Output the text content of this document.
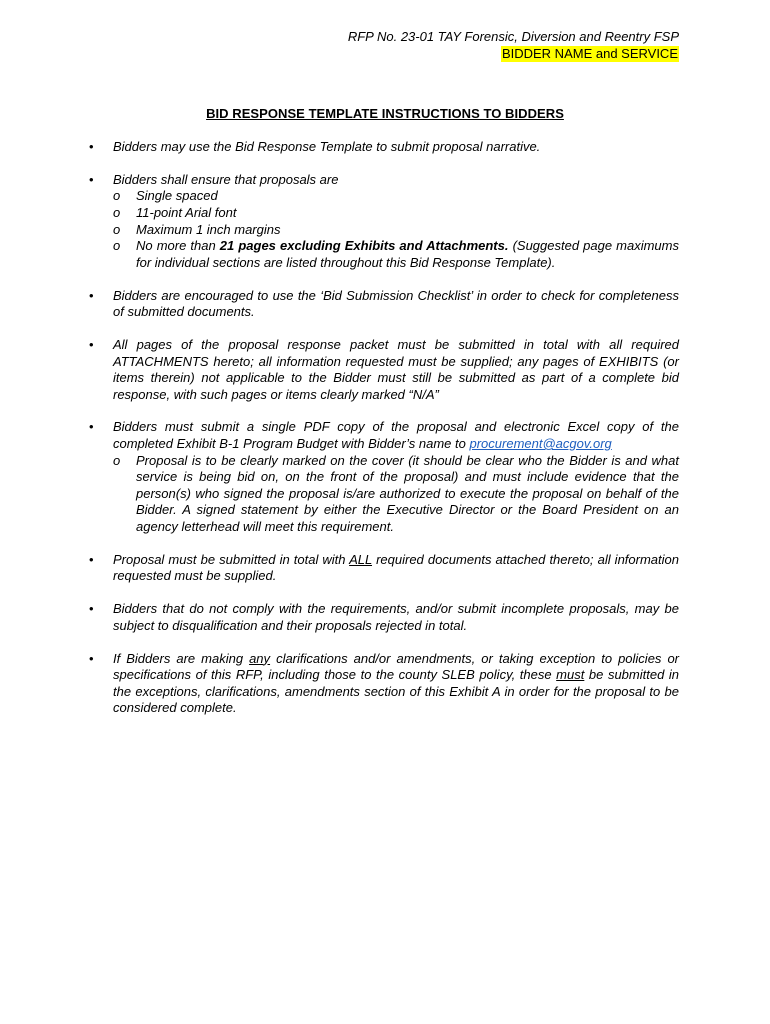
RFP No. 23-01 TAY Forensic, Diversion and Reentry FSP
BIDDER NAME and SERVICE
BID RESPONSE TEMPLATE INSTRUCTIONS TO BIDDERS
• Bidders may use the Bid Response Template to submit proposal narrative.
• Bidders shall ensure that proposals are
o Single spaced
o 11-point Arial font
o Maximum 1 inch margins
o No more than 21 pages excluding Exhibits and Attachments. (Suggested page maximums for individual sections are listed throughout this Bid Response Template).
• Bidders are encouraged to use the ‘Bid Submission Checklist’ in order to check for completeness of submitted documents.
• All pages of the proposal response packet must be submitted in total with all required ATTACHMENTS hereto; all information requested must be supplied; any pages of EXHIBITS (or items therein) not applicable to the Bidder must still be submitted as part of a complete bid response, with such pages or items clearly marked “N/A”
• Bidders must submit a single PDF copy of the proposal and electronic Excel copy of the completed Exhibit B-1 Program Budget with Bidder’s name to procurement@acgov.org
o Proposal is to be clearly marked on the cover (it should be clear who the Bidder is and what service is being bid on, on the front of the proposal) and must include evidence that the person(s) who signed the proposal is/are authorized to execute the proposal on behalf of the Bidder. A signed statement by either the Executive Director or the Board President on an agency letterhead will meet this requirement.
• Proposal must be submitted in total with ALL required documents attached thereto; all information requested must be supplied.
• Bidders that do not comply with the requirements, and/or submit incomplete proposals, may be subject to disqualification and their proposals rejected in total.
• If Bidders are making any clarifications and/or amendments, or taking exception to policies or specifications of this RFP, including those to the county SLEB policy, these must be submitted in the exceptions, clarifications, amendments section of this Exhibit A in order for the proposal to be considered complete.
